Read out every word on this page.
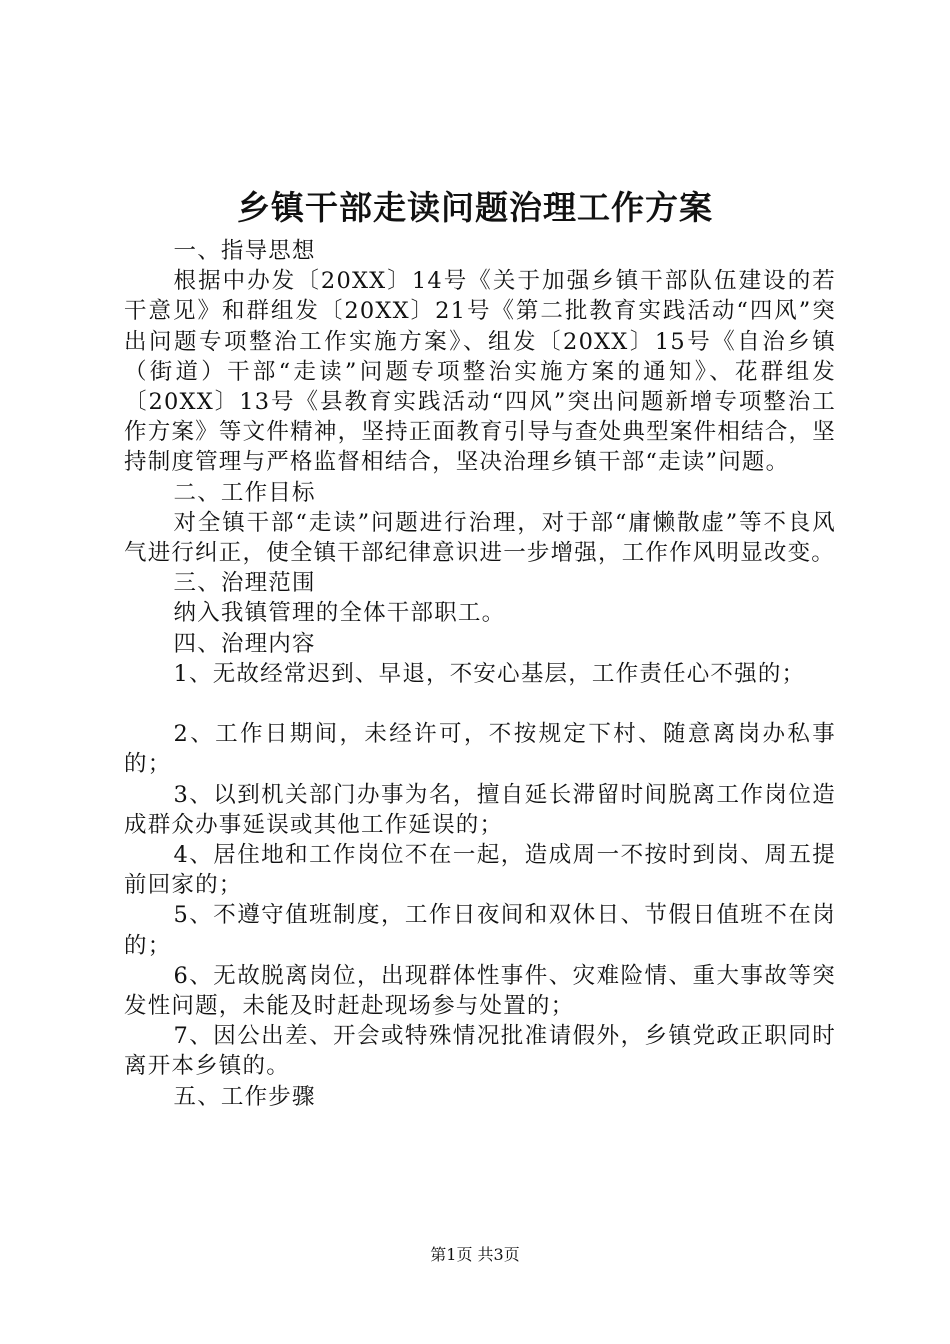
乡镇干部走读问题治理工作方案

一、指导思想

根据中办发〔20XX〕14号《关于加强乡镇干部队伍建设的若干意见》和群组发〔20XX〕21号《第二批教育实践活动“四风”突出问题专项整治工作实施方案》、组发〔20XX〕15号《自治乡镇（街道）干部“走读”问题专项整治实施方案的通知》、花群组发〔20XX〕13号《县教育实践活动“四风”突出问题新增专项整治工作方案》等文件精神，坚持正面教育引导与查处典型案件相结合，坚持制度管理与严格监督相结合，坚决治理乡镇干部“走读”问题。

二、工作目标

对全镇干部“走读”问题进行治理，对于部“庸懒散虚”等不良风气进行纠正，使全镇干部纪律意识进一步增强，工作作风明显改变。

三、治理范围

纳入我镇管理的全体干部职工。

四、治理内容

1、无故经常迟到、早退，不安心基层，工作责任心不强的；

2、工作日期间，未经许可，不按规定下村、随意离岗办私事的；

3、以到机关部门办事为名，擅自延长滞留时间脱离工作岗位造成群众办事延误或其他工作延误的；

4、居住地和工作岗位不在一起，造成周一不按时到岗、周五提前回家的；

5、不遵守值班制度，工作日夜间和双休日、节假日值班不在岗的；

6、无故脱离岗位，出现群体性事件、灾难险情、重大事故等突发性问题，未能及时赶赴现场参与处置的；

7、因公出差、开会或特殊情况批准请假外，乡镇党政正职同时离开本乡镇的。

五、工作步骤

第1页 共3页
